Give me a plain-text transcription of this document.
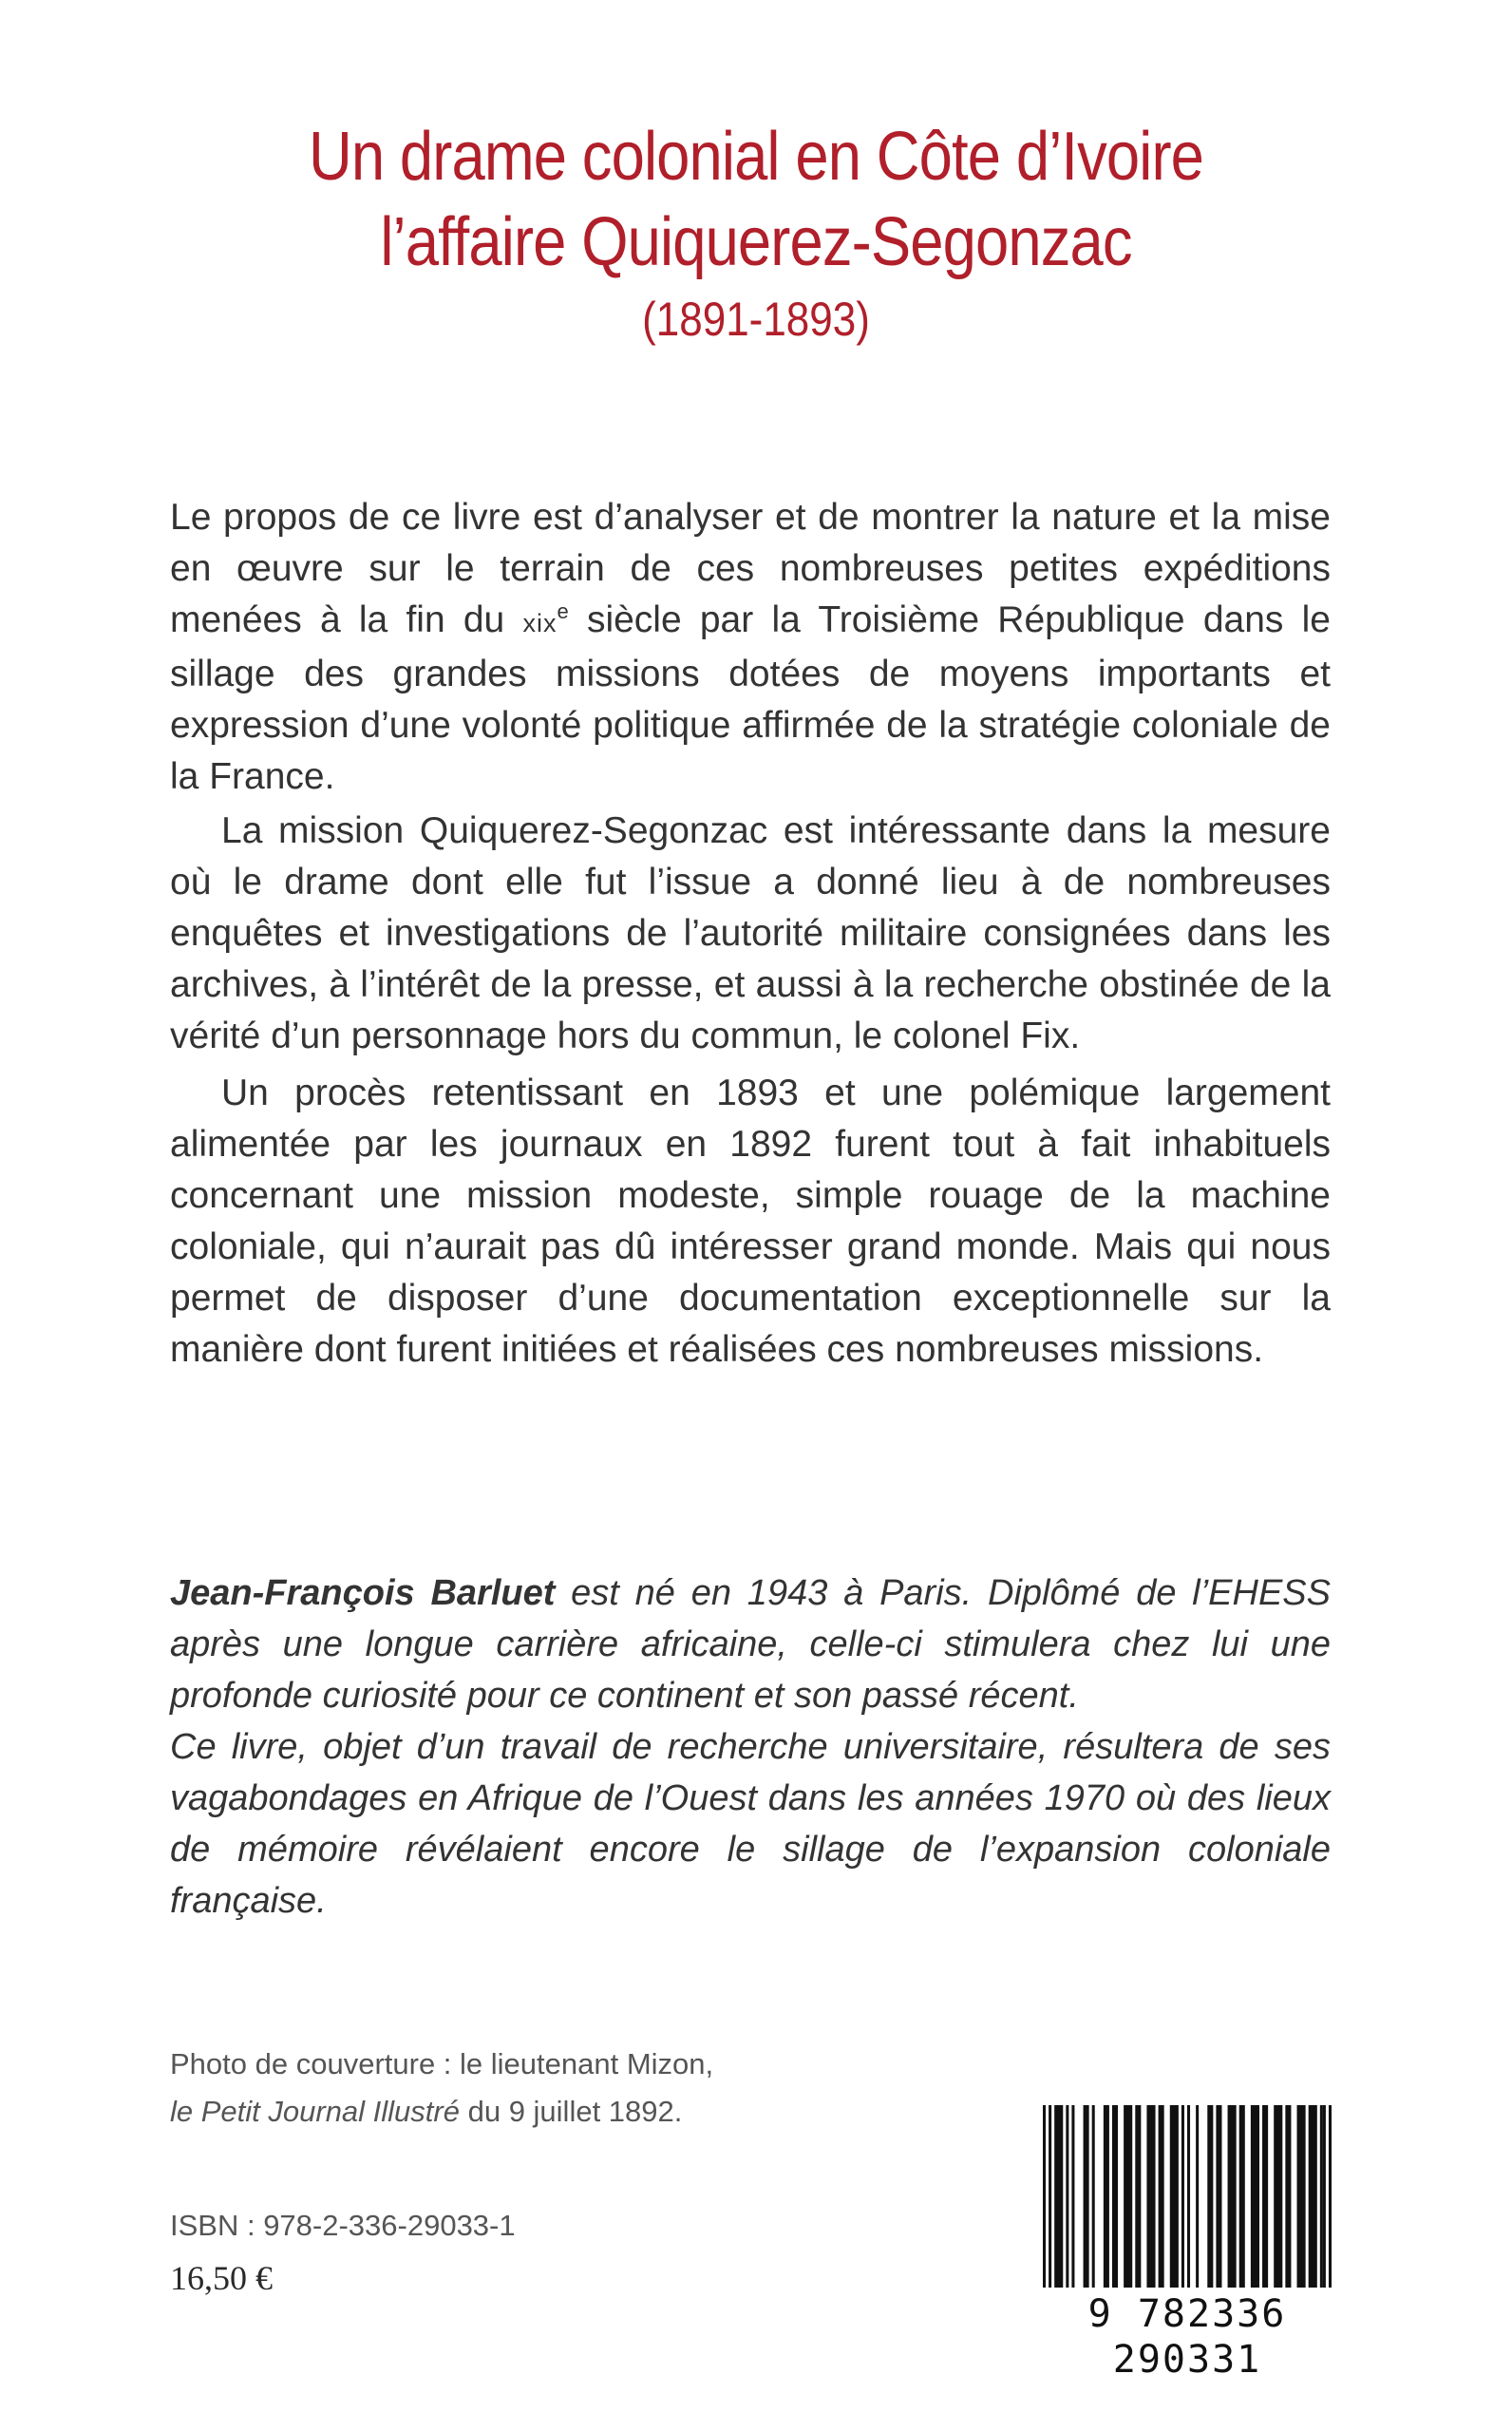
Un drame colonial en Côte d’Ivoire
l’affaire Quiquerez-Segonzac
(1891-1893)

Le propos de ce livre est d’analyser et de montrer la nature et la mise en œuvre sur le terrain de ces nombreuses petites expéditions menées à la fin du xix$^e$ siècle par la Troisième République dans le sillage des grandes missions dotées de moyens importants et expression d’une volonté politique affirmée de la stratégie coloniale de la France.

La mission Quiquerez-Segonzac est intéressante dans la mesure où le drame dont elle fut l’issue a donné lieu à de nombreuses enquêtes et investigations de l’autorité militaire consignées dans les archives, à l’intérêt de la presse, et aussi à la recherche obstinée de la vérité d’un personnage hors du commun, le colonel Fix.

Un procès retentissant en 1893 et une polémique largement alimentée par les journaux en 1892 furent tout à fait inhabituels concernant une mission modeste, simple rouage de la machine coloniale, qui n’aurait pas dû intéresser grand monde. Mais qui nous permet de disposer d’une documentation exceptionnelle sur la manière dont furent initiées et réalisées ces nombreuses missions.

Jean-François Barluet est né en 1943 à Paris. Diplômé de l’EHESS après une longue carrière africaine, celle-ci stimulera chez lui une profonde curiosité pour ce continent et son passé récent.

Ce livre, objet d’un travail de recherche universitaire, résultera de ses vagabondages en Afrique de l’Ouest dans les années 1970 où des lieux de mémoire révélaient encore le sillage de l’expansion coloniale française.

Photo de couverture : le lieutenant Mizon,
le Petit Journal Illustré du 9 juillet 1892.
ISBN : 978-2-336-29033-1
16,50 €
9 782336 290331
